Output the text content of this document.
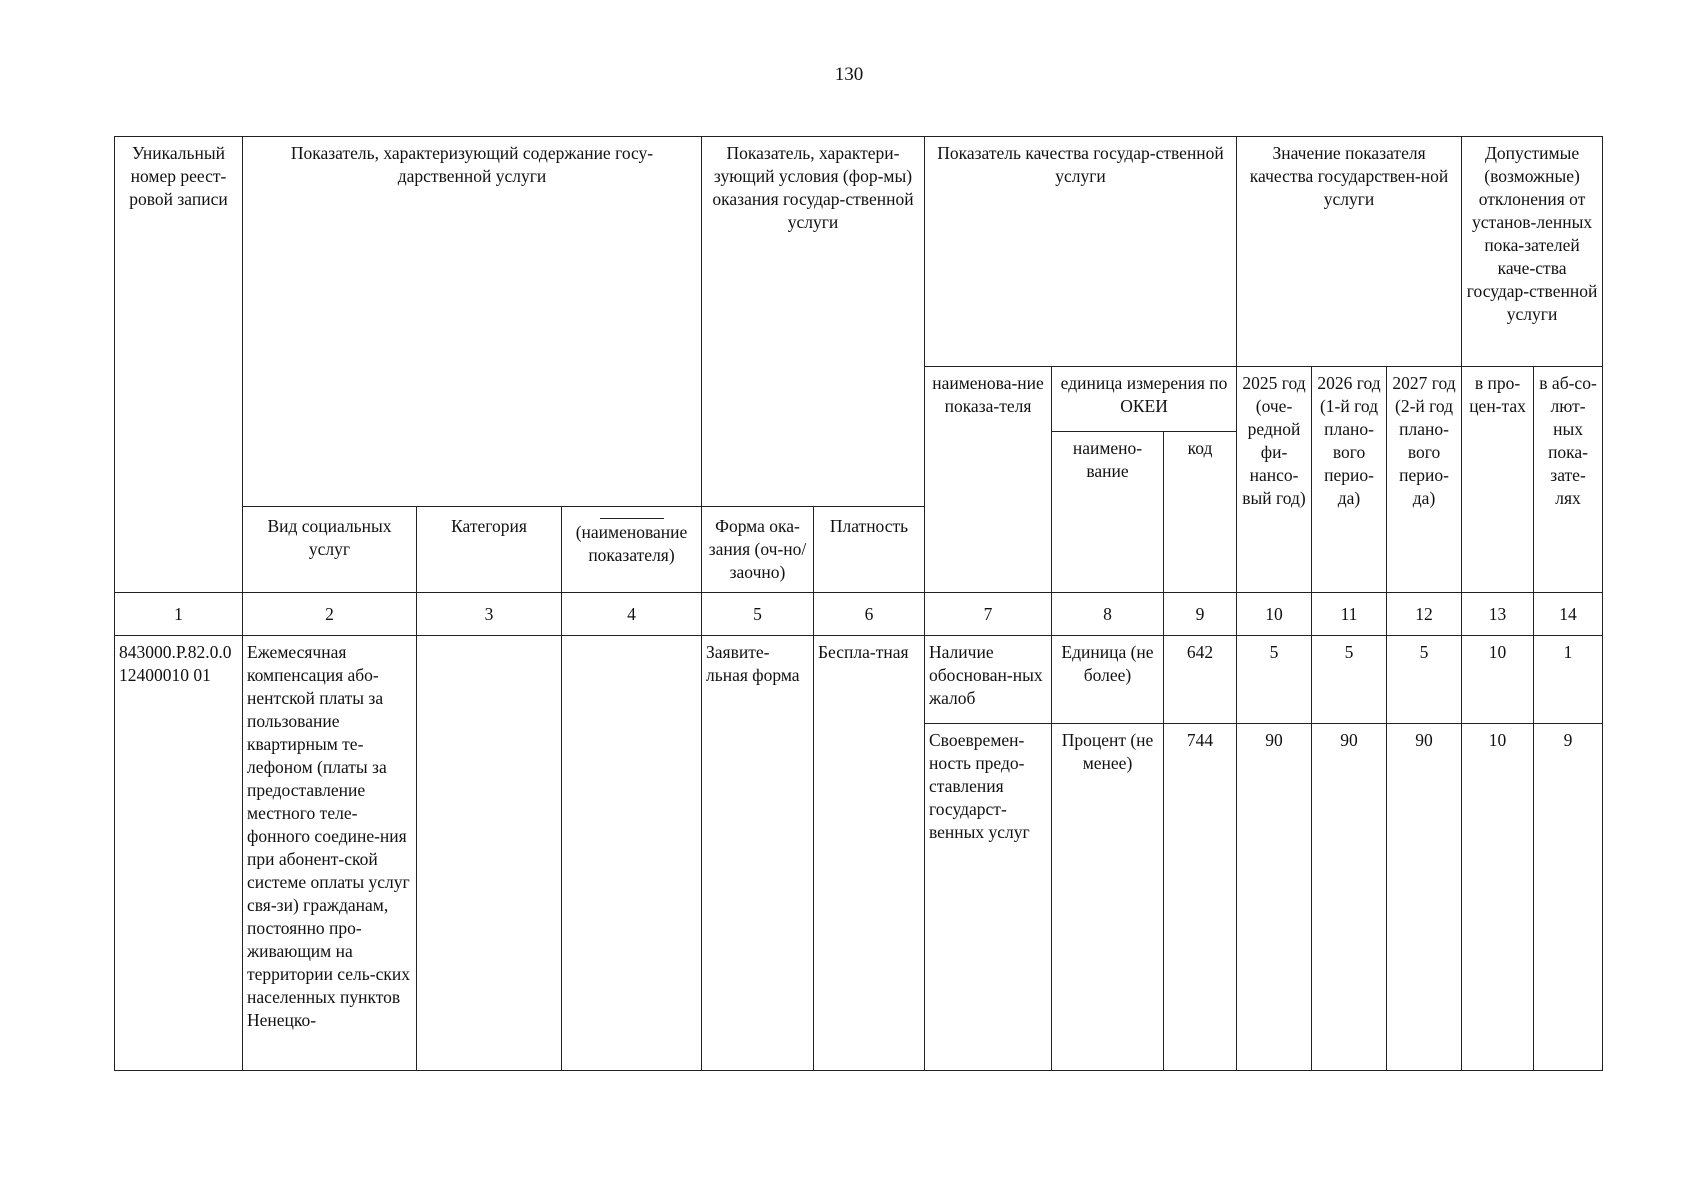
130
Уникальный номер реест-ровой записи	Показатель, характеризующий содержание госу-дарственной услуги			Показатель, характери-зующий условия (фор-мы) оказания государ-ственной услуги		Показатель качества государ-ственной услуги			Значение показателя качества государствен-ной услуги			Допустимые (возможные) отклонения от установ-ленных пока-зателей каче-ства государ-ственной услуги	
						наименова-ние показа-теля	единица измерения по ОКЕИ		2025 год (оче-редной фи-нансо-вый год)	2026 год (1-й год плано-вого перио-да)	2027 год (2-й год плано-вого перио-да)	в про-цен-тах	в аб-со-лют-ных пока-зате-лях
							наимено-вание	код					
	Вид социальных услуг	Категория	(наименование показателя)	Форма ока-зания (оч-но/заочно)	Платность								
1	2	3	4	5	6	7	8	9	10	11	12	13	14
843000.Р.82.0.012400010 01	Ежемесячная компенсация або-нентской платы за пользование квартирным те-лефоном (платы за предоставление местного теле-фонного соедине-ния при абонент-ской системе оплаты услуг свя-зи) гражданам, постоянно про-живающим на территории сель-ских населенных пунктов Ненецко-			Заявите-льная форма	Бесплa-тная	Наличие обоснован-ных жалоб	Единица (не более)	642	5	5	5	10	1
						Своевремен-ность предо-ставления государст-венных услуг	Процент (не менее)	744	90	90	90	10	9
